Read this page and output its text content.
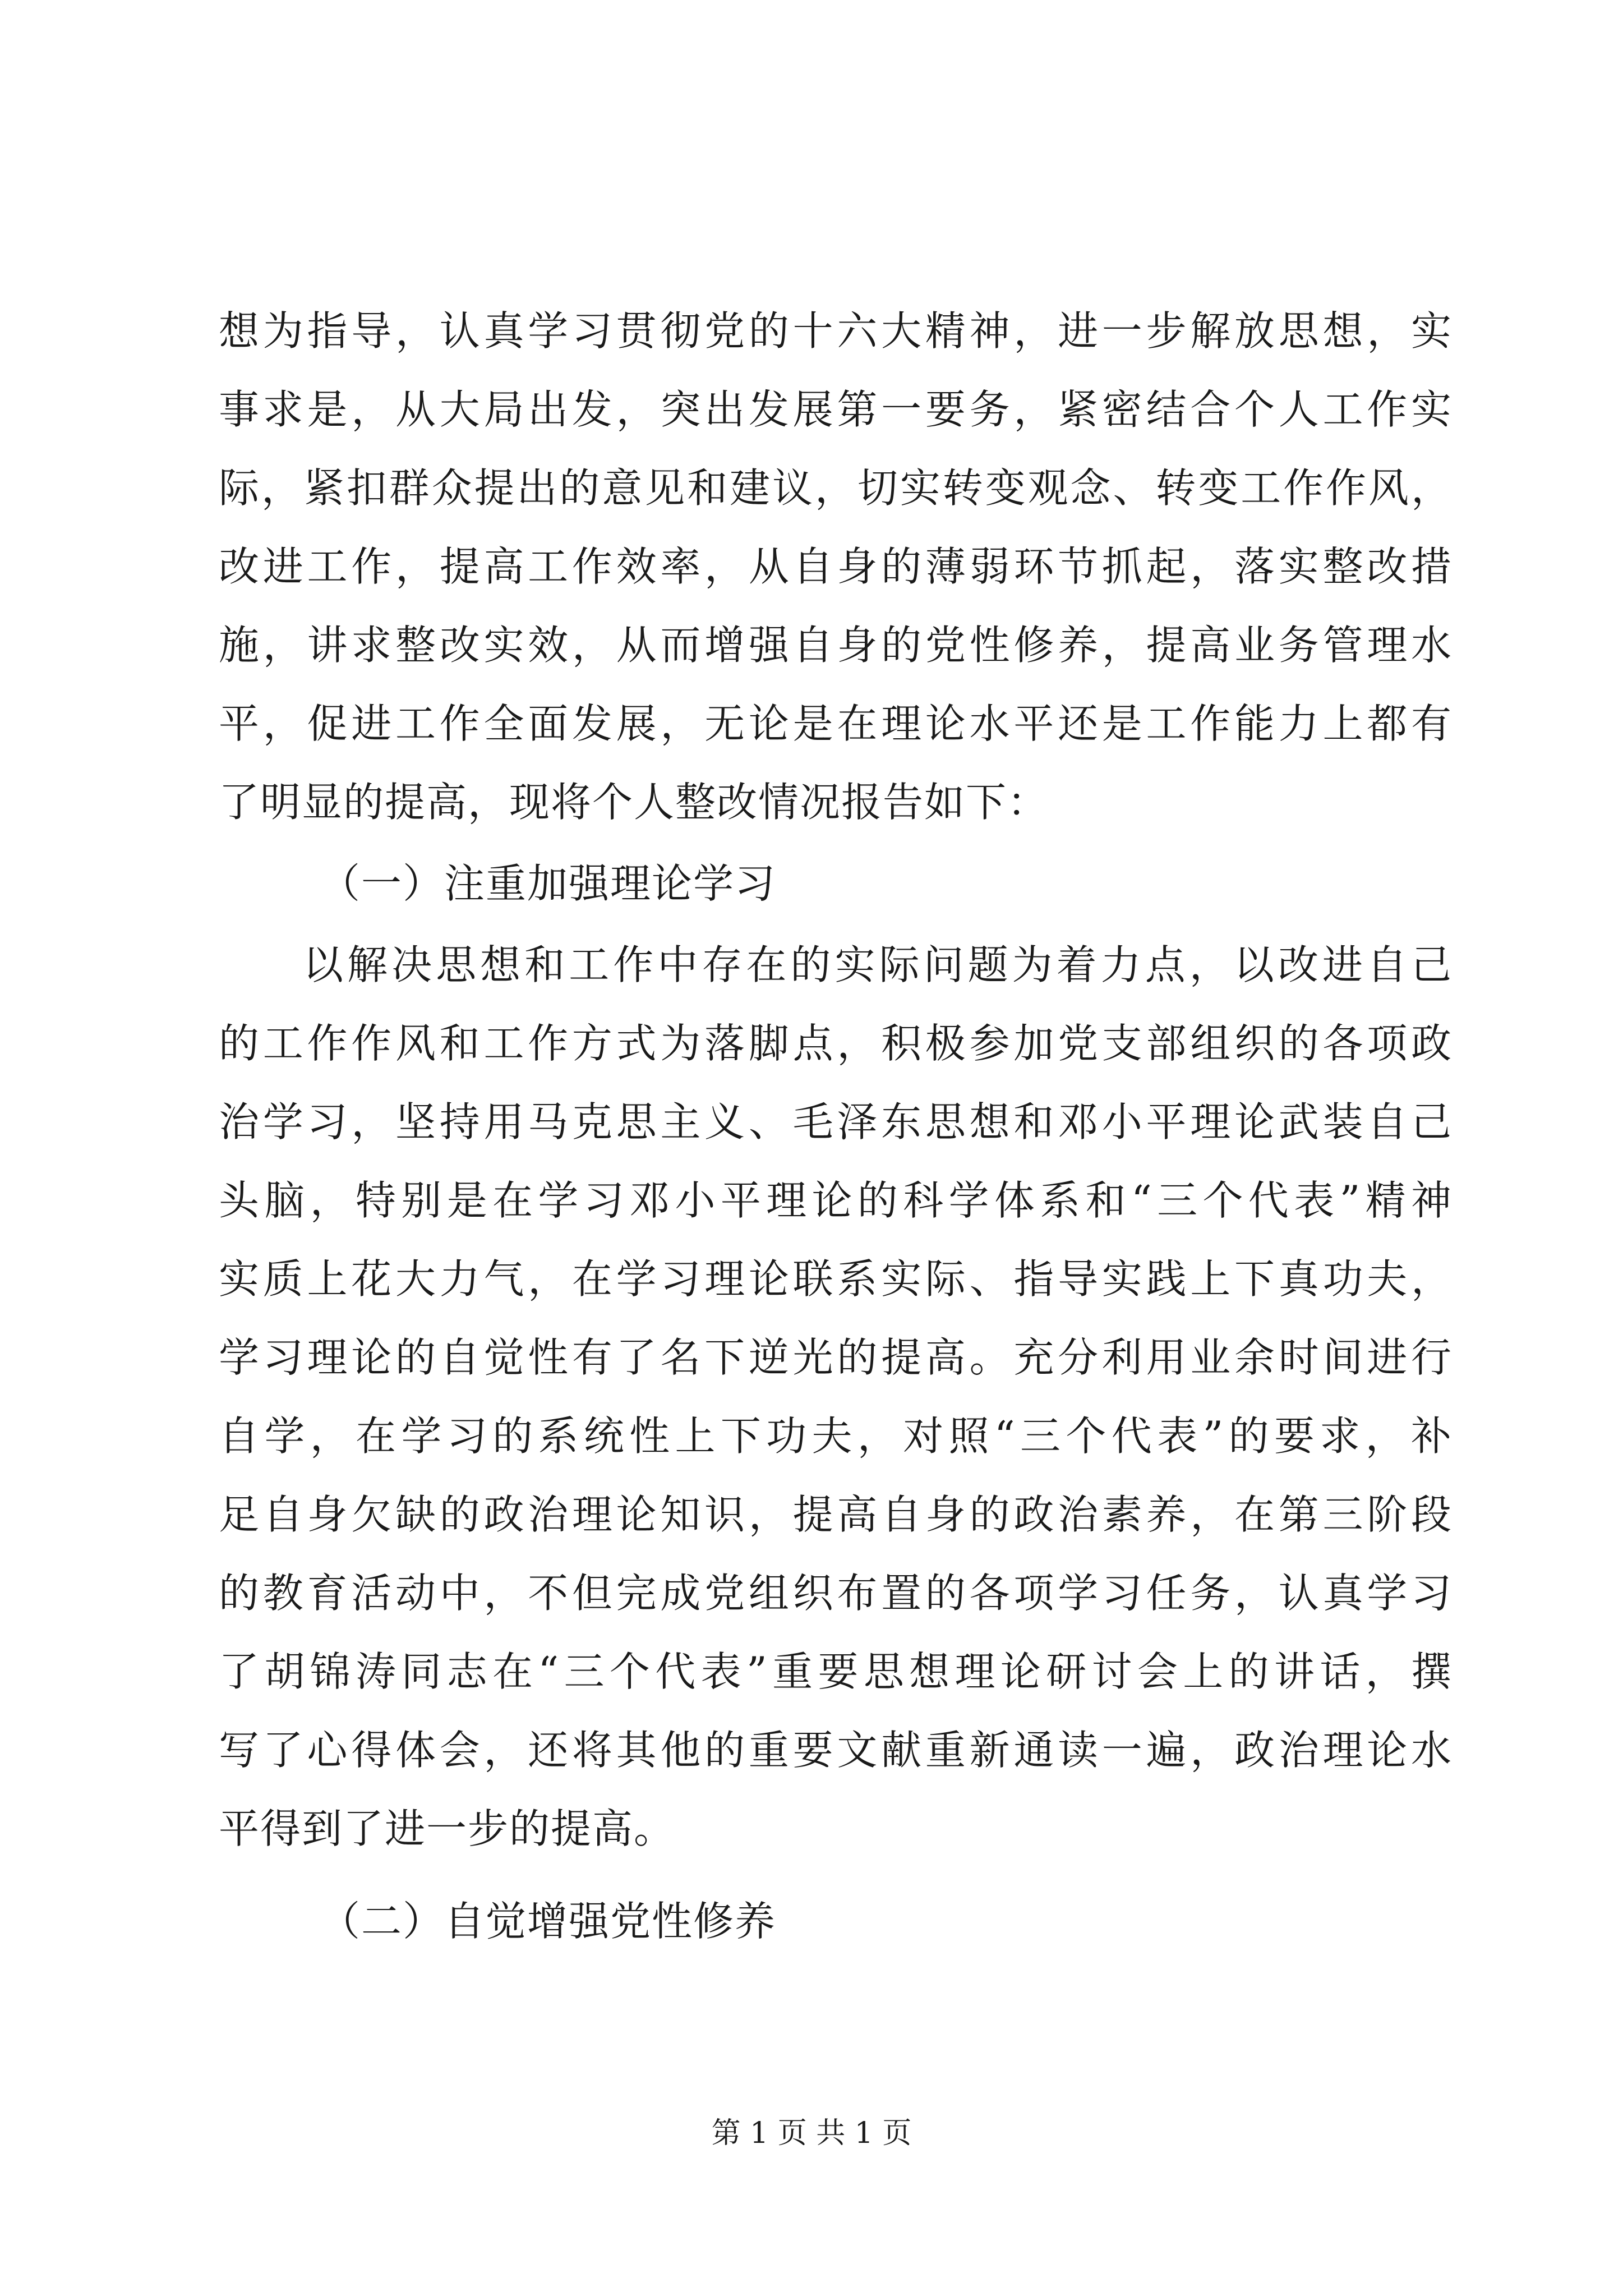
想为指导，认真学习贯彻党的十六大精神，进一步解放思想，实
事求是，从大局出发，突出发展第一要务，紧密结合个人工作实
际，紧扣群众提出的意见和建议，切实转变观念、转变工作作风，
改进工作，提高工作效率，从自身的薄弱环节抓起，落实整改措
施，讲求整改实效，从而增强自身的党性修养，提高业务管理水
平，促进工作全面发展，无论是在理论水平还是工作能力上都有
了明显的提高，现将个人整改情况报告如下：
（一）注重加强理论学习
以解决思想和工作中存在的实际问题为着力点，以改进自己
的工作作风和工作方式为落脚点，积极参加党支部组织的各项政
治学习，坚持用马克思主义、毛泽东思想和邓小平理论武装自己
头脑，特别是在学习邓小平理论的科学体系和“三个代表”精神
实质上花大力气，在学习理论联系实际、指导实践上下真功夫，
学习理论的自觉性有了名下逆光的提高。充分利用业余时间进行
自学，在学习的系统性上下功夫，对照“三个代表”的要求，补
足自身欠缺的政治理论知识，提高自身的政治素养，在第三阶段
的教育活动中，不但完成党组织布置的各项学习任务，认真学习
了胡锦涛同志在“三个代表”重要思想理论研讨会上的讲话，撰
写了心得体会，还将其他的重要文献重新通读一遍，政治理论水
平得到了进一步的提高。
（二）自觉增强党性修养
第 1 页 共 1 页
